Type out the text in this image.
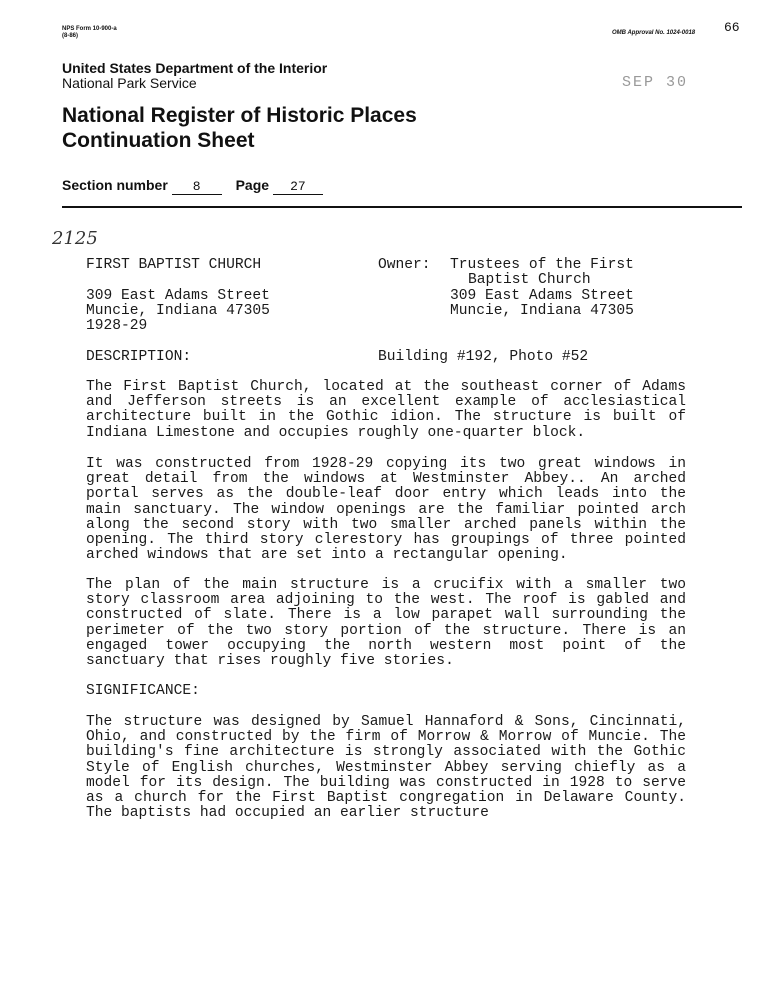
NPS Form 10-900-a
(8-86)	OMB Approval No. 1024-0018 66
SEP 30
United States Department of the Interior
National Park Service
National Register of Historic Places
Continuation Sheet
Section number 8 Page 27
2125
FIRST BAPTIST CHURCH
309 East Adams Street
Muncie, Indiana 47305
1928-29
Owner: Trustees of the First
Baptist Church
309 East Adams Street
Muncie, Indiana 47305
DESCRIPTION:	Building #192, Photo #52
The First Baptist Church, located at the southeast corner of Adams and Jefferson streets is an excellent example of acclesiastical architecture built in the Gothic idion. The structure is built of Indiana Limestone and occupies roughly one-quarter block.
It was constructed from 1928-29 copying its two great windows in great detail from the windows at Westminster Abbey.. An arched portal serves as the double-leaf door entry which leads into the main sanctuary. The window openings are the familiar pointed arch along the second story with two smaller arched panels within the opening. The third story clerestory has groupings of three pointed arched windows that are set into a rectangular opening.
The plan of the main structure is a crucifix with a smaller two story classroom area adjoining to the west. The roof is gabled and constructed of slate. There is a low parapet wall surrounding the perimeter of the two story portion of the structure. There is an engaged tower occupying the north western most point of the sanctuary that rises roughly five stories.
SIGNIFICANCE:
The structure was designed by Samuel Hannaford & Sons, Cincinnati, Ohio, and constructed by the firm of Morrow & Morrow of Muncie. The building's fine architecture is strongly associated with the Gothic Style of English churches, Westminster Abbey serving chiefly as a model for its design. The building was constructed in 1928 to serve as a church for the First Baptist congregation in Delaware County. The baptists had occupied an earlier structure
